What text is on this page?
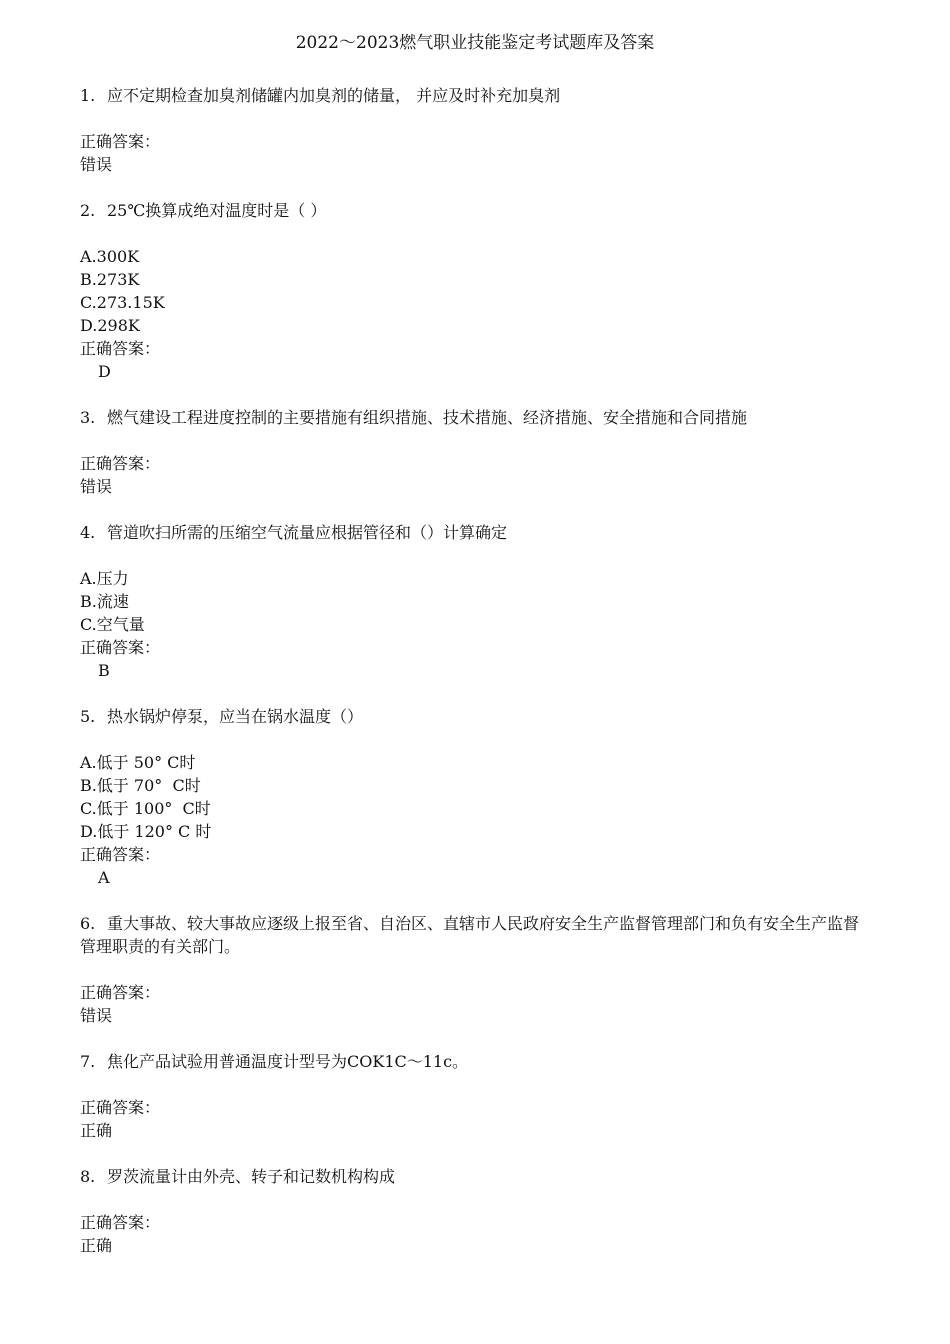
2022～2023燃气职业技能鉴定考试题库及答案

1. 应不定期检查加臭剂储罐内加臭剂的储量， 并应及时补充加臭剂

正确答案：

错误

2. 25℃换算成绝对温度时是（ ）

A.300K

B.273K

C.273.15K

D.298K

正确答案：

D

3. 燃气建设工程进度控制的主要措施有组织措施、技术措施、经济措施、安全措施和合同措施

正确答案：

错误

4. 管道吹扫所需的压缩空气流量应根据管径和（）计算确定

A.压力

B.流速

C.空气量

正确答案：

B

5. 热水锅炉停泵，应当在锅水温度（）

A.低于 50° C时

B.低于 70°  C时

C.低于 100°  C时

D.低于 120° C 时

正确答案：

A

6. 重大事故、较大事故应逐级上报至省、自治区、直辖市人民政府安全生产监督管理部门和负有安全生产监督管理职责的有关部门。

正确答案：

错误

7. 焦化产品试验用普通温度计型号为COK1C～11c。

正确答案：

正确

8. 罗茨流量计由外壳、转子和记数机构构成

正确答案：

正确
